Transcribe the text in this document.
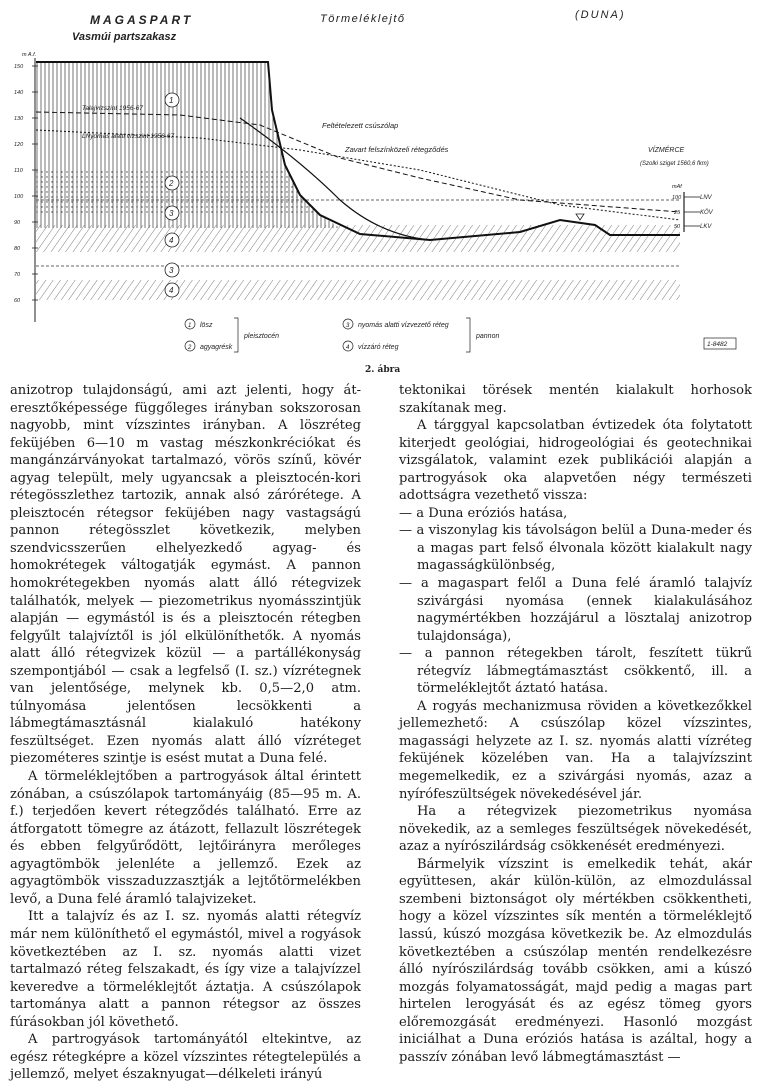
MAGASPART
Vasmúi partszakasz
Törmeléklejtő	(DUNA)
m A.f.
150
140
130
120
110
100
90
80
70
60
Talajvízszint 1956-67
LNyomás alatti vízszint 1956-67
Feltételezett csúszólap
Zavart felszínközeli rétegződés
1
2
3
4
3
4
VÍZMÉRCE
(Szolki sziget 1560,6 fkm)
mAf
LNV
100
KÖV
25
LKV
50
1 lösz
2 agyagrésk
pleisztocén
3 nyomás alatti vízvezető réteg
4 vízzáró réteg
pannon
1-8482
2. ábra

anizotrop tulajdonságú, ami azt jelenti, hogy át-eresztőképessége függőleges irányban sokszorosan nagyobb, mint vízszintes irányban. A löszréteg feküjében 6—10 m vastag mészkonkréciókat és mangánzárványokat tartalmazó, vörös színű, kövér agyag települt, mely ugyancsak a pleisztocén-kori rétegösszlethez tartozik, annak alsó zárórétege. A pleisztocén rétegsor feküjében nagy vastagságú pannon rétegösszlet következik, melyben szendvicsszerűen elhelyezkedő agyag- és homokrétegek váltogatják egymást. A pannon homokrétegekben nyomás alatt álló rétegvizek találhatók, melyek — piezometrikus nyomásszintjük alapján — egymástól is és a pleisztocén rétegben felgyűlt talajvíztől is jól elkülöníthetők. A nyomás alatt álló rétegvizek közül — a partállékonyság szempontjából — csak a legfelső (I. sz.) vízrétegnek van jelentősége, melynek kb. 0,5—2,0 atm. túlnyomása jelentősen lecsökkenti a lábmegtámasztásnál kialakuló hatékony feszültséget. Ezen nyomás alatt álló vízréteget piezométeres szintje is esést mutat a Duna felé.

A törmeléklejtőben a partrogyások által érintett zónában, a csúszólapok tartományáig (85—95 m. A. f.) terjedően kevert rétegződés található. Erre az átforgatott tömegre az átázott, fellazult löszrétegek és ebben felgyűrődött, lejtőirányra merőleges agyagtömbök jelenléte a jellemző. Ezek az agyagtömbök visszaduzzasztják a lejtőtörmelékben levő, a Duna felé áramló talajvizeket.

Itt a talajvíz és az I. sz. nyomás alatti rétegvíz már nem különíthető el egymástól, mivel a rogyások következtében az I. sz. nyomás alatti vizet tartalmazó réteg felszakadt, és így vize a talajvízzel keveredve a törmeléklejtőt áztatja. A csúszólapok tartománya alatt a pannon rétegsor az összes fúrásokban jól követhető.

A partrogyások tartományától eltekintve, az egész rétegképre a közel vízszintes rétegtelepülés a jellemző, melyet északnyugat—délkeleti irányú

tektonikai törések mentén kialakult horhosok szakítanak meg.

A tárggyal kapcsolatban évtizedek óta folytatott kiterjedt geológiai, hidrogeológiai és geotechnikai vizsgálatok, valamint ezek publikációi alapján a partrogyások oka alapvetően négy természeti adottságra vezethető vissza:

— a Duna eróziós hatása,
— a viszonylag kis távolságon belül a Duna-meder és a magas part felső élvonala között kialakult nagy magasságkülönbség,
— a magaspart felől a Duna felé áramló talajvíz szivárgási nyomása (ennek kialakulásához nagymértékben hozzájárul a lösztalaj anizotrop tulajdonsága),
— a pannon rétegekben tárolt, feszített tükrű rétegvíz lábmegtámasztást csökkentő, ill. a törmeléklejtőt áztató hatása.

A rogyás mechanizmusa röviden a következőkkel jellemezhető: A csúszólap közel vízszintes, magassági helyzete az I. sz. nyomás alatti vízréteg feküjének közelében van. Ha a talajvízszint megemelkedik, ez a szivárgási nyomás, azaz a nyírófeszültségek növekedésével jár.

Ha a rétegvizek piezometrikus nyomása növekedik, az a semleges feszültségek növekedését, azaz a nyírószilárdság csökkenését eredményezi.

Bármelyik vízszint is emelkedik tehát, akár együttesen, akár külön-külön, az elmozdulással szembeni biztonságot oly mértékben csökkentheti, hogy a közel vízszintes sík mentén a törmeléklejtő lassú, kúszó mozgása következik be. Az elmozdulás következtében a csúszólap mentén rendelkezésre álló nyírószilárdság tovább csökken, ami a kúszó mozgás folyamatosságát, majd pedig a magas part hirtelen lerogyását és az egész tömeg gyors előremozgását eredményezi. Hasonló mozgást iniciálhat a Duna eróziós hatása is azáltal, hogy a passzív zónában levő lábmegtámasztást —
